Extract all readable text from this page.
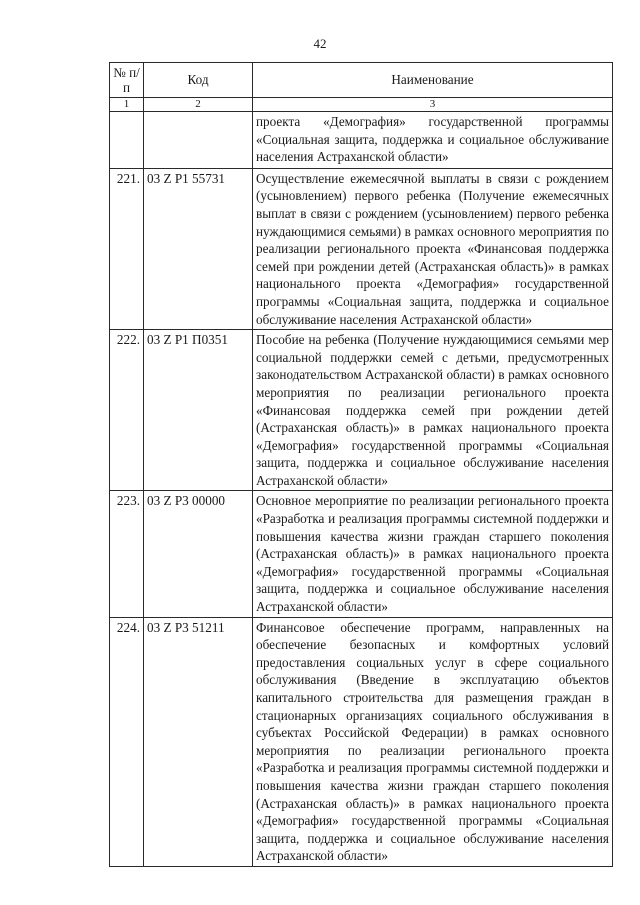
42
№ п/п	Код	Наименование
1	2	3
		проекта «Демография» государственной программы «Социальная защита, поддержка и социальное обслуживание населения Астраханской области»
221.	03 Z P1 55731	Осуществление ежемесячной выплаты в связи с рождением (усыновлением) первого ребенка (Получение ежемесячных выплат в связи с рождением (усыновлением) первого ребенка нуждающимися семьями) в рамках основного мероприятия по реализации регионального проекта «Финансовая поддержка семей при рождении детей (Астраханская область)» в рамках национального проекта «Демография» государственной программы «Социальная защита, поддержка и социальное обслуживание населения Астраханской области»
222.	03 Z P1 П0351	Пособие на ребенка (Получение нуждающимися семьями мер социальной поддержки семей с детьми, предусмотренных законодательством Астраханской области) в рамках основного мероприятия по реализации регионального проекта «Финансовая поддержка семей при рождении детей (Астраханская область)» в рамках национального проекта «Демография» государственной программы «Социальная защита, поддержка и социальное обслуживание населения Астраханской области»
223.	03 Z P3 00000	Основное мероприятие по реализации регионального проекта «Разработка и реализация программы системной поддержки и повышения качества жизни граждан старшего поколения (Астраханская область)» в рамках национального проекта «Демография» государственной программы «Социальная защита, поддержка и социальное обслуживание населения Астраханской области»
224.	03 Z P3 51211	Финансовое обеспечение программ, направленных на обеспечение безопасных и комфортных условий предоставления социальных услуг в сфере социального обслуживания (Введение в эксплуатацию объектов капитального строительства для размещения граждан в стационарных организациях социального обслуживания в субъектах Российской Федерации) в рамках основного мероприятия по реализации регионального проекта «Разработка и реализация программы системной поддержки и повышения качества жизни граждан старшего поколения (Астраханская область)» в рамках национального проекта «Демография» государственной программы «Социальная защита, поддержка и социальное обслуживание населения Астраханской области»
